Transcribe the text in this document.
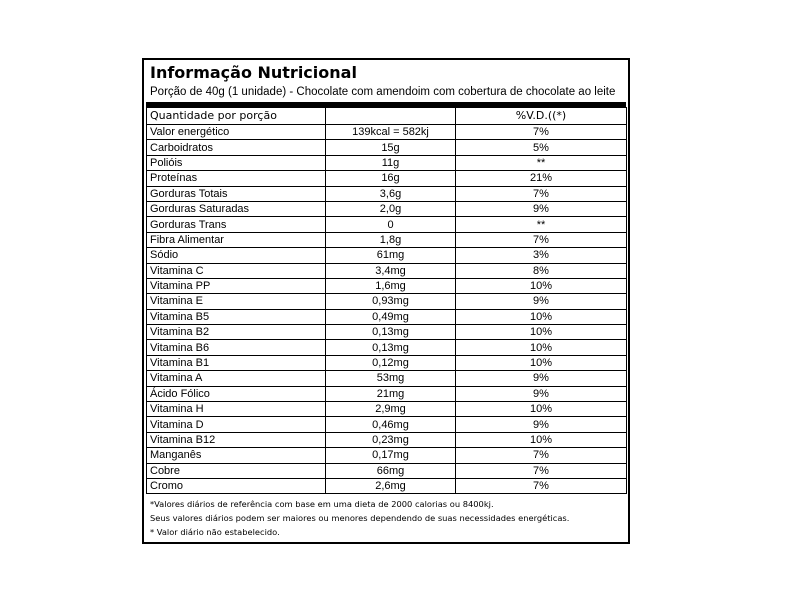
Informação Nutricional
Porção de 40g (1 unidade) - Chocolate com amendoim com cobertura de chocolate ao leite
Quantidade por porção		%V.D.((*)
Valor energético	139kcal = 582kj	7%
Carboidratos	15g	5%
Polióis	11g	**
Proteínas	16g	21%
Gorduras Totais	3,6g	7%
Gorduras Saturadas	2,0g	9%
Gorduras Trans	0	**
Fibra Alimentar	1,8g	7%
Sódio	61mg	3%
Vitamina C	3,4mg	8%
Vitamina PP	1,6mg	10%
Vitamina E	0,93mg	9%
Vitamina B5	0,49mg	10%
Vitamina B2	0,13mg	10%
Vitamina B6	0,13mg	10%
Vitamina B1	0,12mg	10%
Vitamina A	53mg	9%
Ácido Fólico	21mg	9%
Vitamina H	2,9mg	10%
Vitamina D	0,46mg	9%
Vitamina B12	0,23mg	10%
Manganês	0,17mg	7%
Cobre	66mg	7%
Cromo	2,6mg	7%
*Valores diários de referência com base em uma dieta de 2000 calorias ou 8400kj.
Seus valores diários podem ser maiores ou menores dependendo de suas necessidades energéticas.
* Valor diário não estabelecido.
